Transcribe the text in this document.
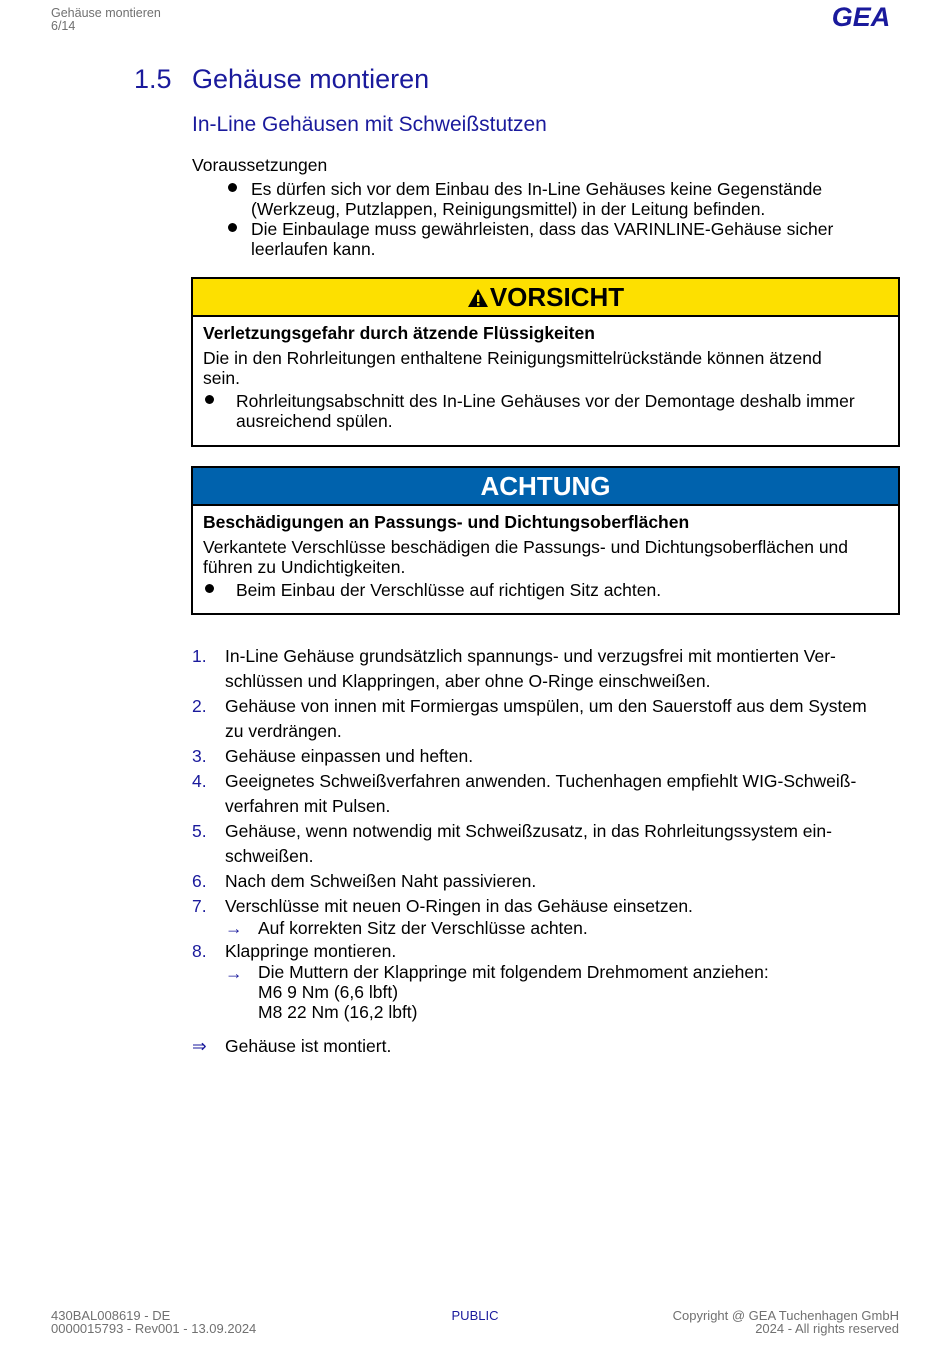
Gehäuse montieren
6/14	GEA
1.5 Gehäuse montieren
In-Line Gehäusen mit Schweißstutzen
Voraussetzungen
Es dürfen sich vor dem Einbau des In-Line Gehäuses keine Gegenstände
(Werkzeug, Putzlappen, Reinigungsmittel) in der Leitung befinden.
Die Einbaulage muss gewährleisten, dass das VARINLINE-Gehäuse sicher
leerlaufen kann.
VORSICHT
Verletzungsgefahr durch ätzende Flüssigkeiten
Die in den Rohrleitungen enthaltene Reinigungsmittelrückstände können ätzend
sein.
Rohrleitungsabschnitt des In-Line Gehäuses vor der Demontage deshalb immer
ausreichend spülen.
ACHTUNG
Beschädigungen an Passungs- und Dichtungsoberflächen
Verkantete Verschlüsse beschädigen die Passungs- und Dichtungsoberflächen und
führen zu Undichtigkeiten.
Beim Einbau der Verschlüsse auf richtigen Sitz achten.
1. In-Line Gehäuse grundsätzlich spannungs- und verzugsfrei mit montierten Ver-
schlüssen und Klappringen, aber ohne O-Ringe einschweißen.
2. Gehäuse von innen mit Formiergas umspülen, um den Sauerstoff aus dem System
zu verdrängen.
3. Gehäuse einpassen und heften.
4. Geeignetes Schweißverfahren anwenden. Tuchenhagen empfiehlt WIG-Schweiß-
verfahren mit Pulsen.
5. Gehäuse, wenn notwendig mit Schweißzusatz, in das Rohrleitungssystem ein-
schweißen.
6. Nach dem Schweißen Naht passivieren.
7. Verschlüsse mit neuen O-Ringen in das Gehäuse einsetzen.
→ Auf korrekten Sitz der Verschlüsse achten.
8. Klappringe montieren.
→ Die Muttern der Klappringe mit folgendem Drehmoment anziehen:
M6 9 Nm (6,6 lbft)
M8 22 Nm (16,2 lbft)
⇒ Gehäuse ist montiert.
430BAL008619 - DE
0000015793 - Rev001 - 13.09.2024
PUBLIC	Copyright @ GEA Tuchenhagen GmbH
2024 - All rights reserved
